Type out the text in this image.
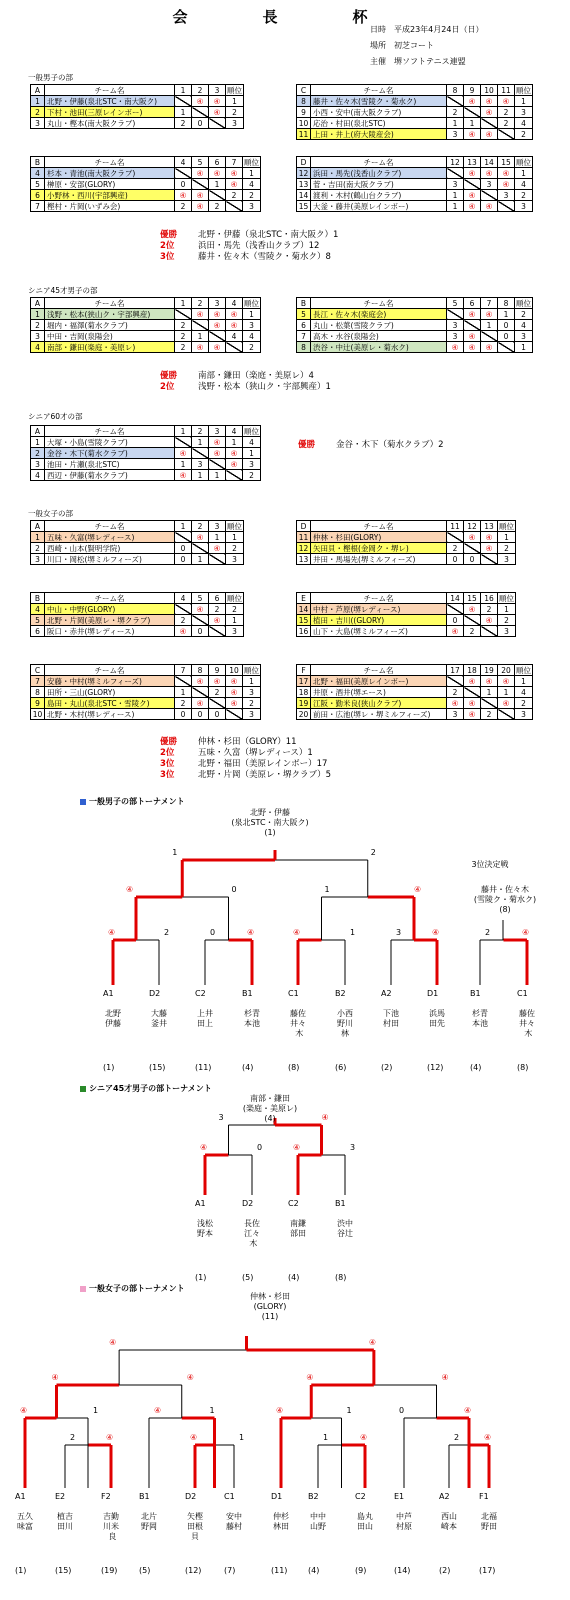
会　長　杯
日時　 平成23年4月24日（日）
場所　 初芝コート
主催　 堺ソフトテニス連盟
一般男子の部
シニア45才男子の部
シニア60才の部
一般女子の部
A	チーム名	1	2	3	順位
1	北野・伊藤(泉北STC・南大阪ク)		④	④	1
2	下村・池田(三原レインボー)	1		④	2
3	丸山・樫本(南大阪クラブ)	2	0		3
C	チーム名	8	9	10	11	順位
8	藤井・佐々木(雪陵ク・菊水ク)		④	④	④	1
9	小西・安中(南大阪クラブ)	2		④	2	3
10	応治・村田(泉北STC)	1	1		2	4
11	上田・井上(府大陵産会)	3	④	④		2
B	チーム名	4	5	6	7	順位
4	杉本・青池(南大阪クラブ)		④	④	④	1
5	榊原・安部(GLORY)	0		1	④	4
6	小野林・西川(宇部興産)	④	④		2	2
7	樫村・片岡(いずみ会)	2	④	2		3
D	チーム名	12	13	14	15	順位
12	浜田・馬先(浅香山クラブ)		④	④	④	1
13	菅・吉田(南大阪クラブ)	3		3	④	4
14	渡利・木村(鶴山台クラブ)	1	④		3	2
15	大釜・藤井(美原レインボー)	1	④	④		3
A	チーム名	1	2	3	4	順位
1	浅野・松本(狭山ク・宇部興産)		④	④	④	1
2	堀内・福澤(菊水クラブ)	2		④	④	3
3	中田・吉岡(泉陽会)	2	1		4	4
4	南部・鎌田(楽庭・美原レ)	2	④	④		2
B	チーム名	5	6	7	8	順位
5	長江・佐々木(楽庭会)		④	④	1	2
6	丸山・松葉(雪陵クラブ)	3		1	0	4
7	高木・水谷(泉陽会)	3	④		0	3
8	渋谷・中辻(美原レ・菊水ク)	④	④	④		1
A	チーム名	1	2	3	4	順位
1	大塚・小島(雪陵クラブ)		1	④	1	4
2	金谷・木下(菊水クラブ)	④		④	④	1
3	池田・片瀬(泉北STC)	1	3		④	3
4	西辺・伊藤(菊水クラブ)	④	1	1		2
A	チーム名	1	2	3	順位
1	五味・久富(堺レディース)		④	1	1
2	西崎・山本(賢明学院)	0		④	2
3	川口・岡松(堺ミルフィーズ)	0	1		3
D	チーム名	11	12	13	順位
11	仲林・杉田(GLORY)		④	④	1
12	矢田貝・樫根(金岡ク・堺レ)	2		④	2
13	井田・馬場先(堺ミルフィーズ)	0	0		3
B	チーム名	4	5	6	順位
4	中山・中野(GLORY)		④	2	2
5	北野・片岡(美原レ・堺クラブ)	2		④	1
6	阪口・赤井(堺レディース)	④	0		3
E	チーム名	14	15	16	順位
14	中村・芦原(堺レディース)		④	2	1
15	植田・吉川((GLORY)	0		④	2
16	山下・大島(堺ミルフィーズ)	④	2		3
C	チーム名	7	8	9	10	順位
7	安藤・中村(堺ミルフィーズ)		④	④	④	1
8	田所・三山(GLORY)	1		2	④	3
9	島田・丸山(泉北STC・雪陵ク)	2	④		④	2
10	北野・木村(堺レディース)	0	0	0		3
F	チーム名	17	18	19	20	順位
17	北野・福田(美原レインボー)		④	④	④	1
18	井原・酒井(堺エース)	2		1	1	4
19	江阪・勤米良(狭山クラブ)	④	④		④	2
20	前田・広池(堺レ・堺ミルフィーズ)	3	④	2		3
優勝 北野・伊藤（泉北STC・南大阪ク）1
2位	浜田・馬先（浅香山クラブ）12
3位	藤井・佐々木（雪陵ク・菊水ク）8
優勝 南部・鎌田（楽庭・美原レ）4
2位	浅野・松本（狭山ク・宇部興産）1
優勝 金谷・木下（菊水クラブ）2
優勝 仲林・杉田（GLORY）11
2位	五味・久富（堺レディース）1
3位	北野・福田（美原レインボー）17
3位	北野・片岡（美原レ・堺クラブ）5
一般男子の部トーナメント
北野・伊藤
(泉北STC・南大阪ク)
(1)
3位決定戦
藤井・佐々木
(雪陵ク・菊水ク)
(8)
シニア45才男子の部トーナメント
南部・鎌田
(楽庭・美原レ)
(4)
一般女子の部トーナメント
仲林・杉田
(GLORY)
(11)
④	2	0	④	④	1	3	④
④	0	1	④
1	2
A1
北野
伊藤
(1)
D2
大藤
釜井
(15)
C2
上井
田上
(11)
B1
杉青
本池
(4)
C1
藤佐
井々
木
(8)
B2
小西
野川
林
(6)
A2
下池
村田
(2)
D1
浜馬
田先
(12)
2	④
B1
杉青
本池
(4)
C1
藤佐
井々
木
(8)
④	0	④	3
3	④
A1
浅松
野本
(1)
D2
長佐
江々
木
(5)
C2
南鎌
部田
(4)
B1
渋中
谷辻
(8)
2	④
④	1
④	1
④	1
④	④
1	④
④	1
2	④
0	④
④	④
④	④
A1
五久
味富
(1)
E2
植吉
田川
(15)
F2
吉勤
川米
良
(19)
B1
北片
野岡
(5)
D2
矢樫
田根
貝
(12)
C1
安中
藤村
(7)
D1
仲杉
林田
(11)
B2
中中
山野
(4)
C2
島丸
田山
(9)
E1
中芦
村原
(14)
A2
西山
崎本
(2)
F1
北福
野田
(17)
